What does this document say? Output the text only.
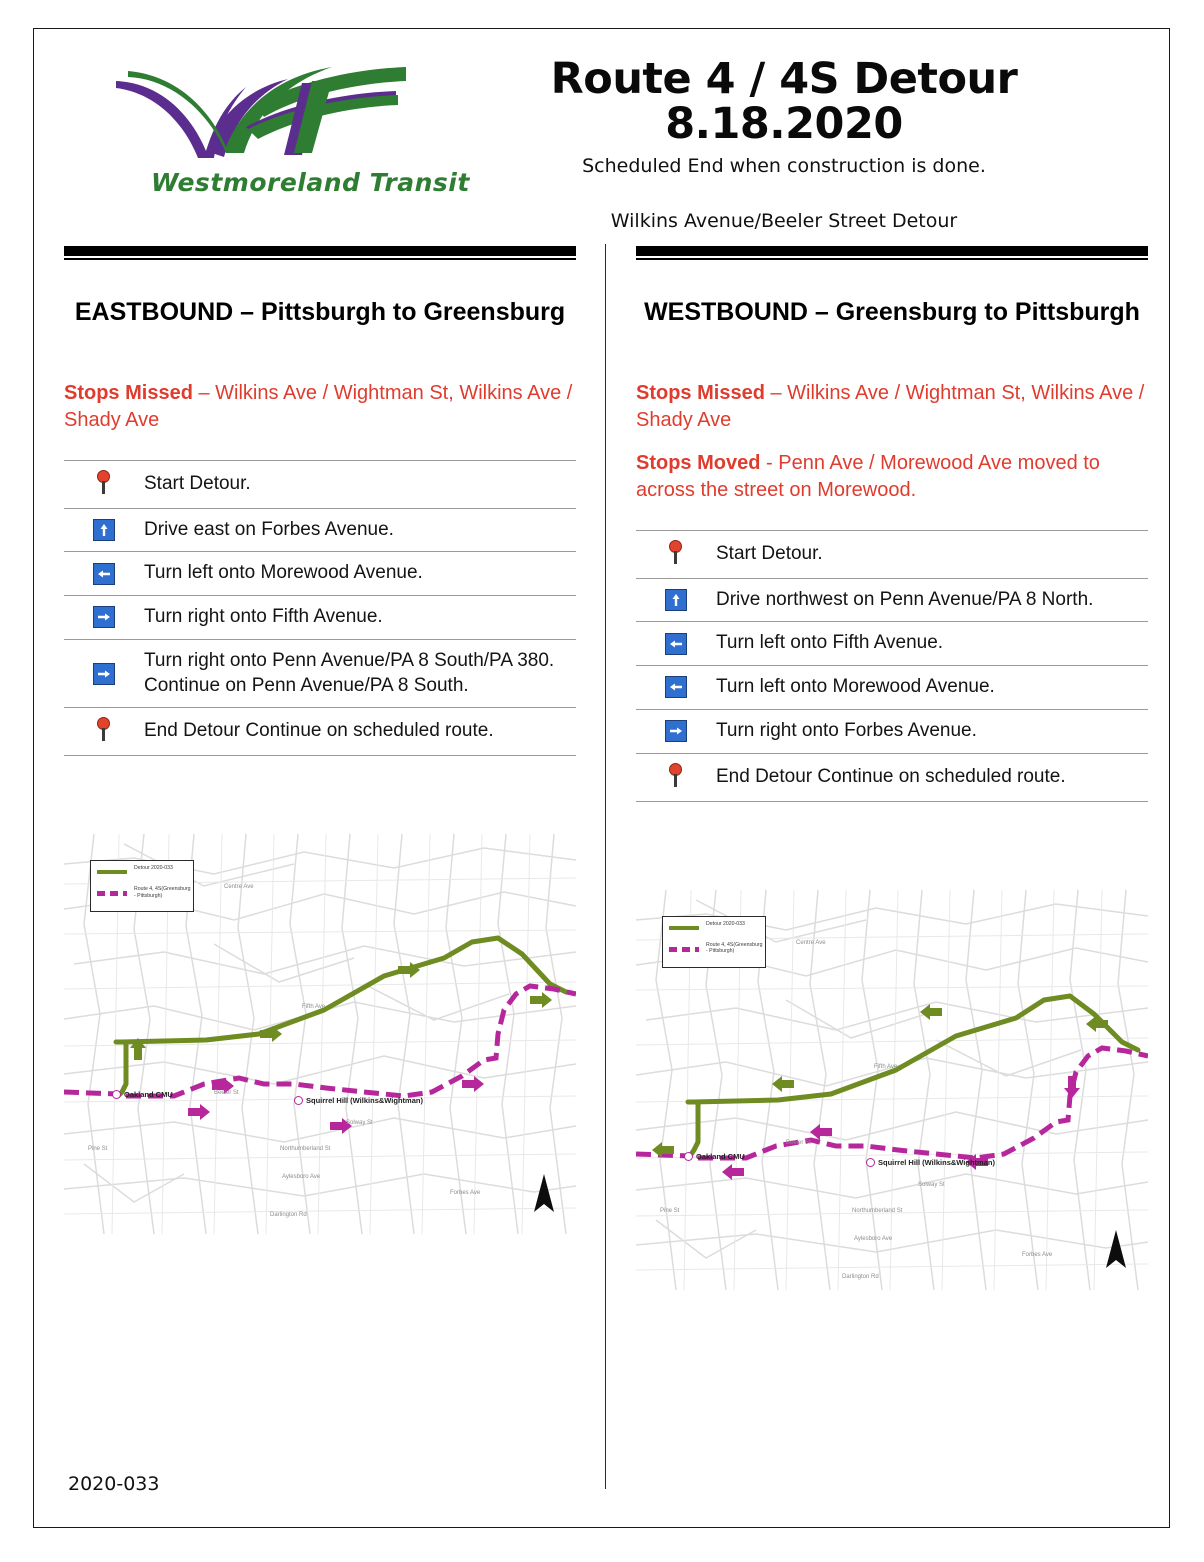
Westmoreland Transit
Route 4 / 4S Detour 8.18.2020
Scheduled End when construction is done.
Wilkins Avenue/Beeler Street Detour
EASTBOUND – Pittsburgh to Greensburg
Stops Missed – Wilkins Ave / Wightman St, Wilkins Ave / Shady Ave
	Start Detour.

	Drive east on Forbes Avenue.

	Turn left onto Morewood Avenue.

	Turn right onto Fifth Avenue.

	Turn right onto Penn Avenue/PA 8 South/PA 380. Continue on Penn Avenue/PA 8 South.

	End Detour Continue on scheduled route.
Detour 2020-033
Route 4, 4S(Greensburg - Pittsburgh)
Oakland CMU
Squirrel Hill (Wilkins&Wightman)
Centre Ave
Fifth Ave
Beeler St
Solway St
Northumberland St
Aylesboro Ave
Forbes Ave
Darlington Rd
Pine St
WESTBOUND – Greensburg to Pittsburgh
Stops Missed – Wilkins Ave / Wightman St, Wilkins Ave / Shady Ave
Stops Moved - Penn Ave / Morewood Ave moved to across the street on Morewood.
	Start Detour.

	Drive northwest on Penn Avenue/PA 8 North.

	Turn left onto Fifth Avenue.

	Turn left onto Morewood Avenue.

	Turn right onto Forbes Avenue.

	End Detour Continue on scheduled route.
Detour 2020-033
Route 4, 4S(Greensburg - Pittsburgh)
Oakland CMU
Squirrel Hill (Wilkins&Wightman)
Centre Ave
Fifth Ave
Beeler St
Solway St
Northumberland St
Aylesboro Ave
Forbes Ave
Darlington Rd
Pine St
2020-033
